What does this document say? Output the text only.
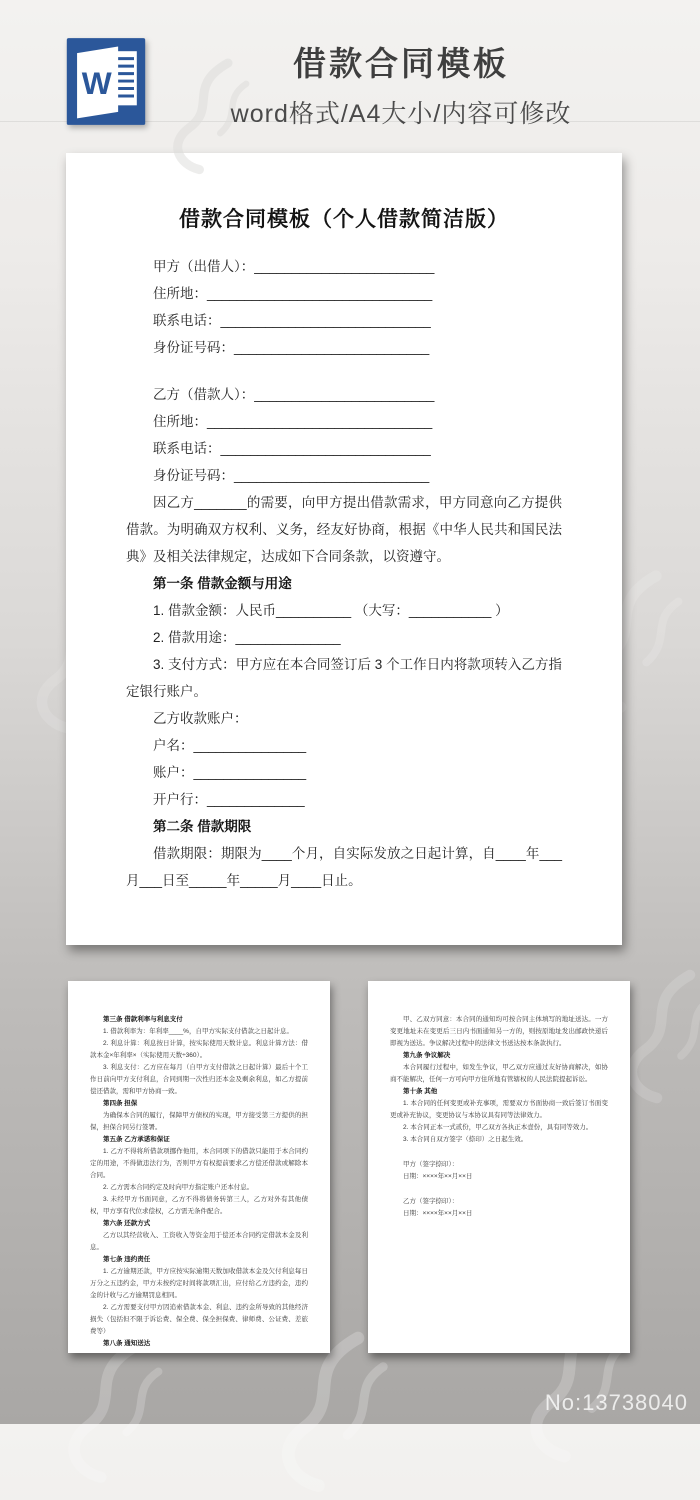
W
借款合同模板
word格式/A4大小/内容可修改
借款合同模板（个人借款简洁版）

甲方（出借人）：________________________

住所地：______________________________

联系电话：____________________________

身份证号码：__________________________

乙方（借款人）：________________________

住所地：______________________________

联系电话：____________________________

身份证号码：__________________________

因乙方_______的需要，向甲方提出借款需求，甲方同意向乙方提供借款。为明确双方权利、义务，经友好协商，根据《中华人民共和国民法典》及相关法律规定，达成如下合同条款，以资遵守。

第一条 借款金额与用途

1. 借款金额：人民币__________ （大写：___________ ）

2. 借款用途：______________

3. 支付方式：甲方应在本合同签订后 3 个工作日内将款项转入乙方指定银行账户。

乙方收款账户：

户名：_______________

账户：_______________

开户行：_____________

第二条 借款期限

借款期限：期限为____个月，自实际发放之日起计算，自____年___月___日至_____年_____月____日止。

第三条 借款利率与利息支付

1. 借款利率为：年利率____%，自甲方实际支付借款之日起计息。

2. 利息计算：利息按日计算，按实际使用天数计息。利息计算方法：借款本金×年利率×（实际使用天数÷360）。

3. 利息支付：乙方应在每月（自甲方支付借款之日起计算）最后十个工作日前向甲方支付利息，合同到期一次性归还本金及剩余利息，如乙方提前偿还借款，需和甲方协商一致。

第四条 担保

为确保本合同的履行，保障甲方债权的实现，甲方接受第三方提供的担保，担保合同另行签署。

第五条 乙方承诺和保证

1. 乙方不得将所借款项挪作他用，本合同项下的借款只能用于本合同约定的用途，不得做违法行为，否则甲方有权提前要求乙方偿还借款或解除本合同。

2. 乙方需本合同约定及时向甲方指定账户还本付息。

3. 未经甲方书面同意，乙方不得将债务转第三人，乙方对外有其他债权，甲方享有代位求偿权，乙方需无条件配合。

第六条 还款方式

乙方以其经营收入、工资收入等资金用于偿还本合同约定借款本金及利息。

第七条 违约责任

1. 乙方逾期还款，甲方应按实际逾期天数加收借款本金及欠付利息每日万分之五违约金，甲方未按约定时间将款项汇出，应付给乙方违约金，违约金的计收与乙方逾期罚息相同。

2. 乙方需要支付甲方因追索借款本金、利息、违约金所导致的其他经济损失（包括但不限于诉讼费、保全费、保全担保费、律师费、公证费、差旅费等）

第八条 通知送达

甲、乙双方同意：本合同的通知均可按合同主体填写的地址送达。一方变更地址未在变更后三日内书面通知另一方的，则按原地址发出邮政快递后即视为送达。争议解决过程中的法律文书送达按本条款执行。

第九条 争议解决

本合同履行过程中，如发生争议，甲乙双方应通过友好协商解决，如协商不能解决，任何一方可向甲方住所地有管辖权的人民法院提起诉讼。

第十条 其他

1. 本合同的任何变更或补充事项，需要双方书面协商一致后签订书面变更或补充协议，变更协议与本协议具有同等法律效力。

2. 本合同正本一式贰份，甲乙双方各执正本壹份，具有同等效力。

3. 本合同自双方签字（捺印）之日起生效。

甲方（签字捺印）：

日期：××××年××月××日

乙方（签字捺印）：

日期：××××年××月××日

No:13738040
